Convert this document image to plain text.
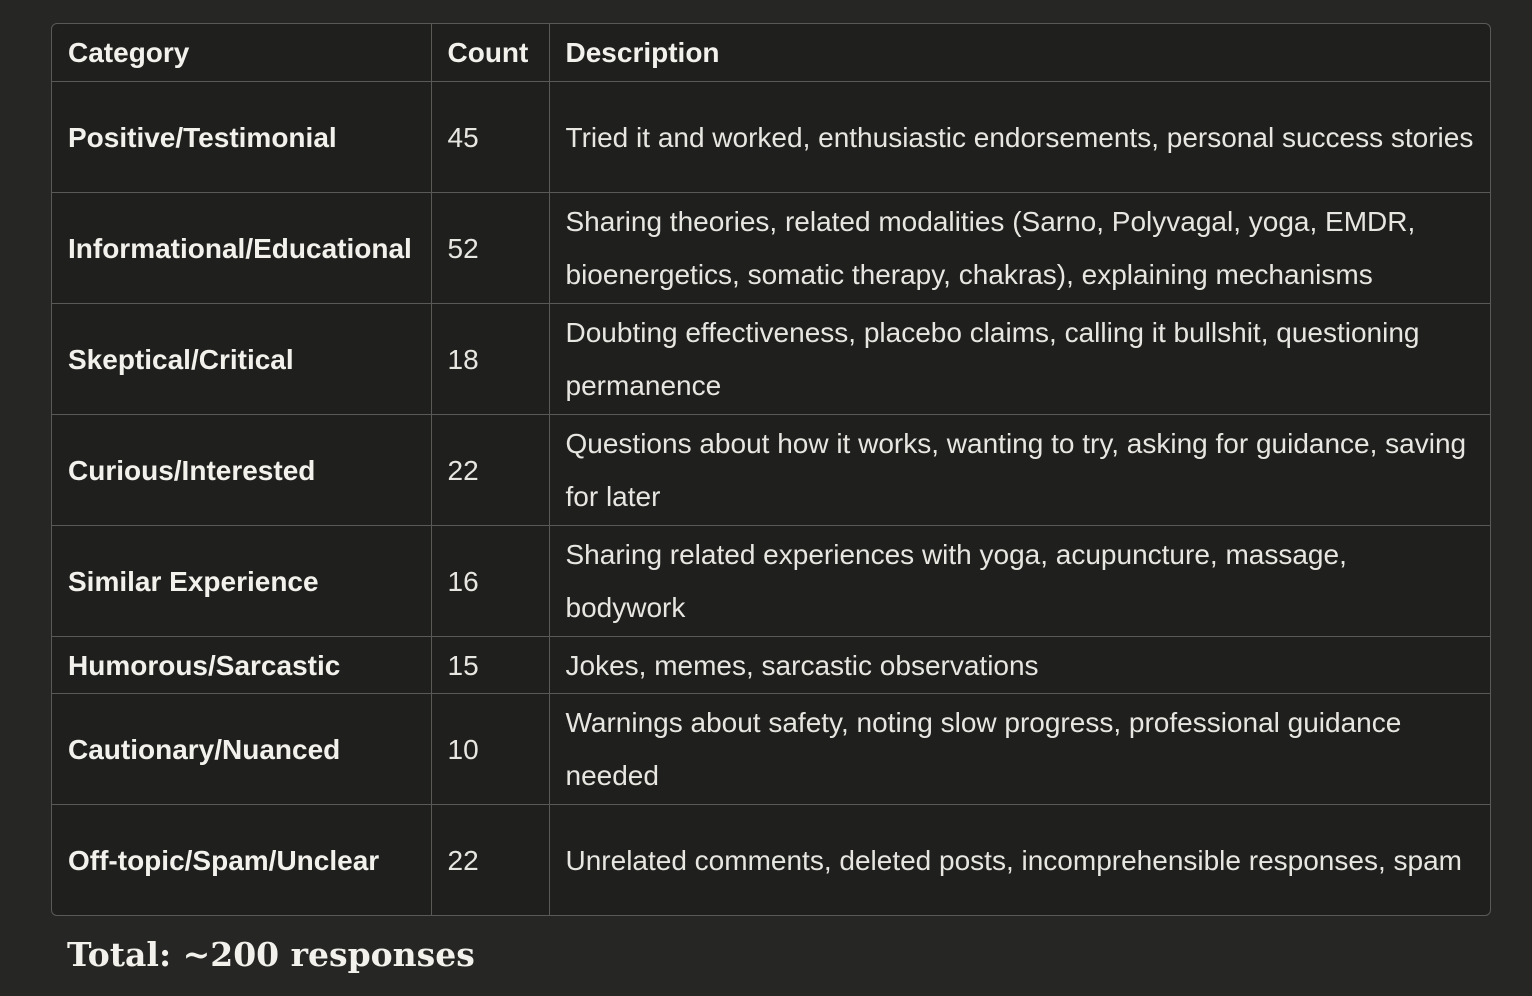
Category	Count	Description
Positive/Testimonial	45	Tried it and worked, enthusiastic endorsements, personal success stories
Informational/Educational	52	Sharing theories, related modalities (Sarno, Polyvagal, yoga, EMDR, bioenergetics, somatic therapy, chakras), explaining mechanisms
Skeptical/Critical	18	Doubting effectiveness, placebo claims, calling it bullshit, questioning permanence
Curious/Interested	22	Questions about how it works, wanting to try, asking for guidance, saving for later
Similar Experience	16	Sharing related experiences with yoga, acupuncture, massage, bodywork
Humorous/Sarcastic	15	Jokes, memes, sarcastic observations
Cautionary/Nuanced	10	Warnings about safety, noting slow progress, professional guidance needed
Off-topic/Spam/Unclear	22	Unrelated comments, deleted posts, incomprehensible responses, spam

Total: ~200 responses
